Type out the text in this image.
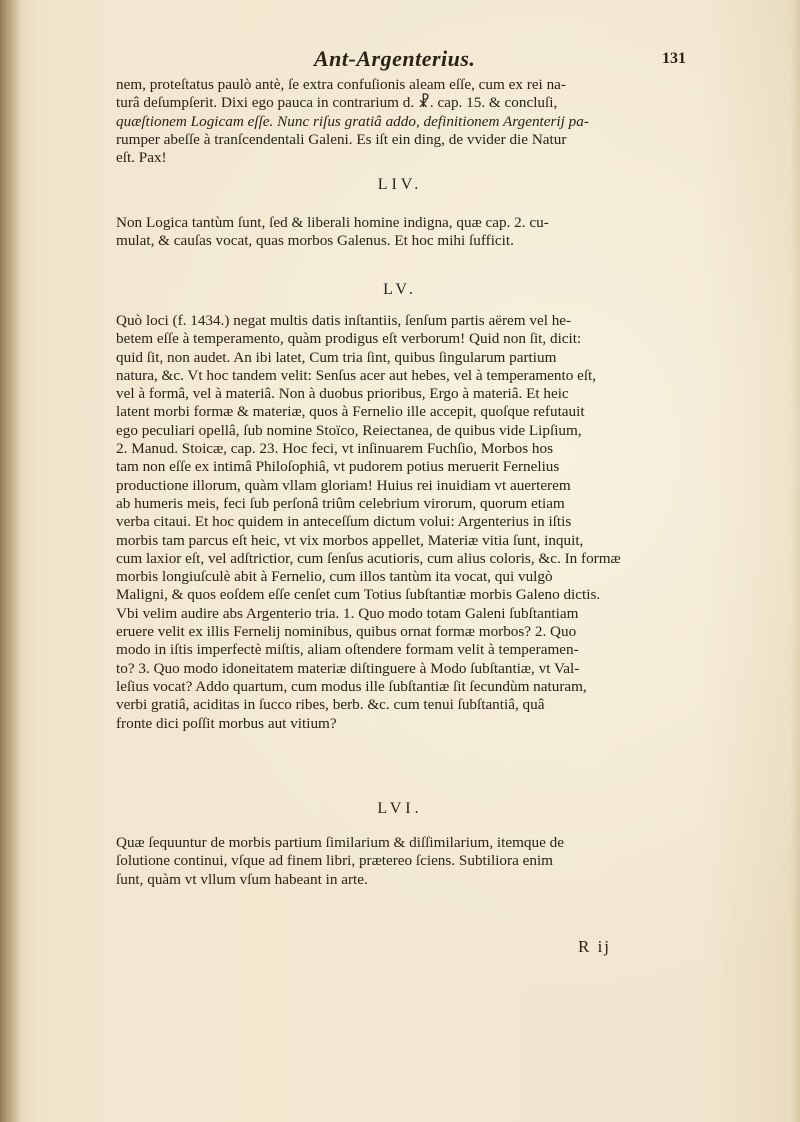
Ant-Argenterius.	131

nem, proteſtatus paulò antè, ſe extra confuſionis aleam eſſe, cum ex rei na-
turâ deſumpſerit. Dixi ego pauca in contrarium d. ☧. cap. 15. & concluſi,
quæſtionem Logicam eſſe. Nunc riſus gratiâ addo, definitionem Argenterij pa-
rumper abeſſe à tranſcendentali Galeni. Es iſt ein ding, de vvider die Natur
eſt. Pax!

LIV.

Non Logica tantùm ſunt, ſed & liberali homine indigna, quæ cap. 2. cu-
mulat, & cauſas vocat, quas morbos Galenus. Et hoc mihi ſufficit.

LV.

Quò loci (f. 1434.) negat multis datis inſtantiis, ſenſum partis aërem vel he-
betem eſſe à temperamento, quàm prodigus eſt verborum! Quid non ſit, dicit:
quid ſit, non audet. An ibi latet, Cum tria ſint, quibus ſingularum partium
natura, &c. Vt hoc tandem velit: Senſus acer aut hebes, vel à temperamento eſt,
vel à formâ, vel à materiâ. Non à duobus prioribus, Ergo à materiâ. Et heic
latent morbi formæ & materiæ, quos à Fernelio ille accepit, quoſque refutauit
ego peculiari opellâ, ſub nomine Stoïco, Reiectanea, de quibus vide Lipſium,
2. Manud. Stoicæ, cap. 23. Hoc feci, vt inſinuarem Fuchſio, Morbos hos
tam non eſſe ex intimâ Philoſophiâ, vt pudorem potius meruerit Fernelius
productione illorum, quàm vllam gloriam! Huius rei inuidiam vt auerterem
ab humeris meis, feci ſub perſonâ triûm celebrium virorum, quorum etiam
verba citaui. Et hoc quidem in anteceſſum dictum volui: Argenterius in iſtis
morbis tam parcus eſt heic, vt vix morbos appellet, Materiæ vitia ſunt, inquit,
cum laxior eſt, vel adſtrictior, cum ſenſus acutioris, cum alius coloris, &c. In formæ
morbis longiuſculè abit à Fernelio, cum illos tantùm ita vocat, qui vulgò
Maligni, & quos eoſdem eſſe cenſet cum Totius ſubſtantiæ morbis Galeno dictis.
Vbi velim audire abs Argenterio tria. 1. Quo modo totam Galeni ſubſtantiam
eruere velit ex illis Fernelij nominibus, quibus ornat formæ morbos? 2. Quo
modo in iſtis imperfectè miſtis, aliam oſtendere formam velit à temperamen-
to? 3. Quo modo idoneitatem materiæ diſtinguere à Modo ſubſtantiæ, vt Val-
leſius vocat? Addo quartum, cum modus ille ſubſtantiæ ſit ſecundùm naturam,
verbi gratiâ, aciditas in ſucco ribes, berb. &c. cum tenui ſubſtantiâ, quâ
fronte dici poſſit morbus aut vitium?

LVI.

Quæ ſequuntur de morbis partium ſimilarium & diſſimilarium, itemque de
ſolutione continui, vſque ad finem libri, prætereo ſciens. Subtiliora enim
ſunt, quàm vt vllum vſum habeant in arte.

R ij
